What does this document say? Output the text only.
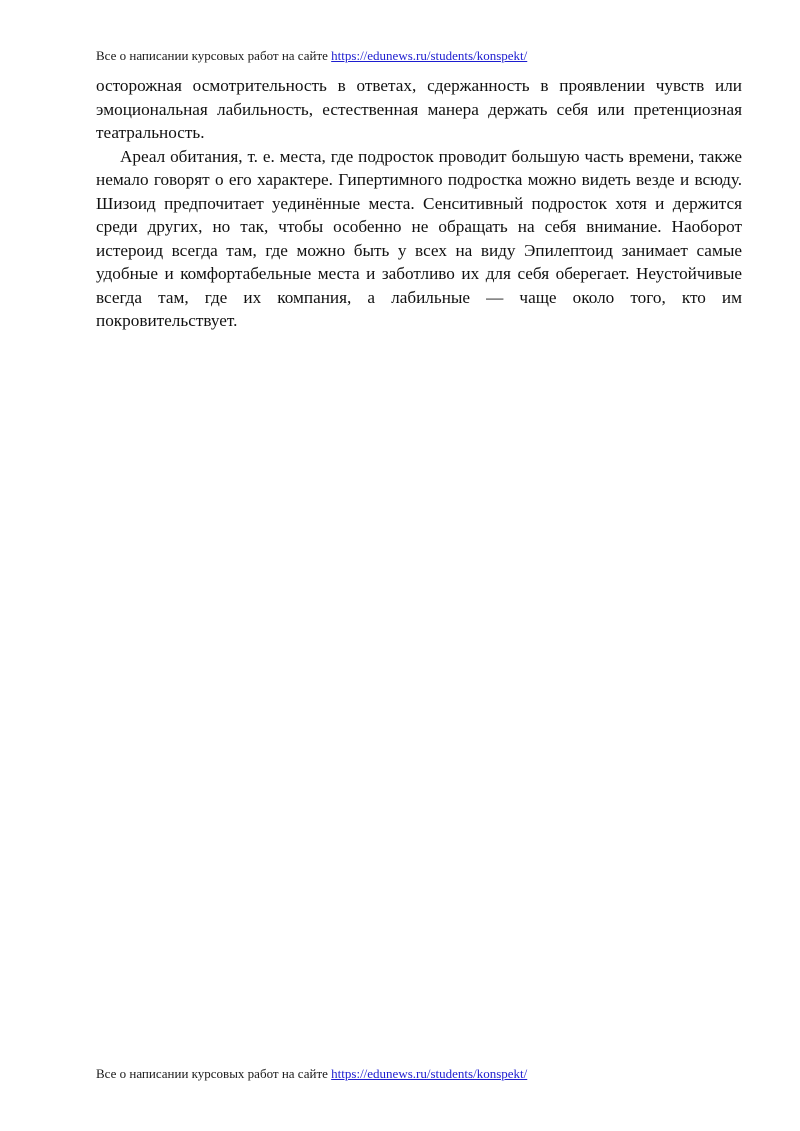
Все о написании курсовых работ на сайте https://edunews.ru/students/konspekt/

осторожная осмотрительность в ответах, сдержанность в проявлении чувств или эмоциональная лабильность, естественная манера держать себя или претенциозная театральность.

Ареал обитания, т. е. места, где подросток проводит большую часть времени, также немало говорят о его характере. Гипертимного подростка можно видеть везде и всюду. Шизоид предпочитает уединённые места. Сенситивный подросток хотя и держится среди других, но так, чтобы особенно не обращать на себя внимание. Наоборот истероид всегда там, где можно быть у всех на виду Эпилептоид занимает самые удобные и комфортабельные места и заботливо их для себя оберегает. Неустойчивые всегда там, где их компания, а лабильные — чаще около того, кто им покровительствует.

Все о написании курсовых работ на сайте https://edunews.ru/students/konspekt/
